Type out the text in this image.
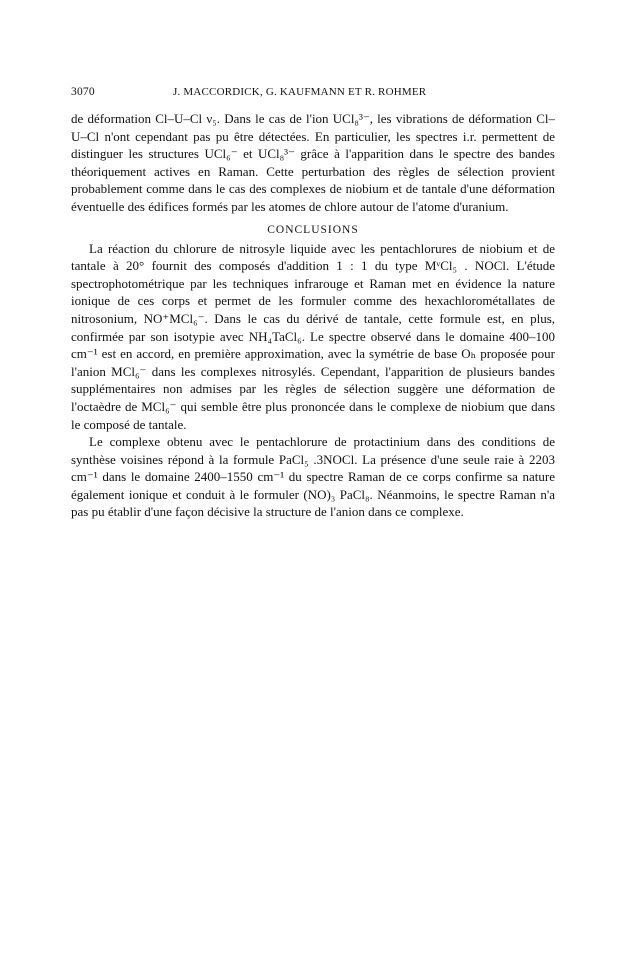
3070	J. MACCORDICK, G. KAUFMANN ET R. ROHMER

de déformation Cl–U–Cl ν₅. Dans le cas de l'ion UCl₈³⁻, les vibrations de déformation Cl–U–Cl n'ont cependant pas pu être détectées. En particulier, les spectres i.r. permettent de distinguer les structures UCl₆⁻ et UCl₈³⁻ grâce à l'apparition dans le spectre des bandes théoriquement actives en Raman. Cette perturbation des règles de sélection provient probablement comme dans le cas des complexes de niobium et de tantale d'une déformation éventuelle des édifices formés par les atomes de chlore autour de l'atome d'uranium.

CONCLUSIONS

La réaction du chlorure de nitrosyle liquide avec les pentachlorures de niobium et de tantale à 20° fournit des composés d'addition 1 : 1 du type MᵛCl₅ . NOCl. L'étude spectrophotométrique par les techniques infrarouge et Raman met en évidence la nature ionique de ces corps et permet de les formuler comme des hexachlorométallates de nitrosonium, NO⁺MCl₆⁻. Dans le cas du dérivé de tantale, cette formule est, en plus, confirmée par son isotypie avec NH₄TaCl₆. Le spectre observé dans le domaine 400–100 cm⁻¹ est en accord, en première approximation, avec la symétrie de base Oₕ proposée pour l'anion MCl₆⁻ dans les complexes nitrosylés. Cependant, l'apparition de plusieurs bandes supplémentaires non admises par les règles de sélection suggère une déformation de l'octaèdre de MCl₆⁻ qui semble être plus prononcée dans le complexe de niobium que dans le composé de tantale.

Le complexe obtenu avec le pentachlorure de protactinium dans des conditions de synthèse voisines répond à la formule PaCl₅ .3NOCl. La présence d'une seule raie à 2203 cm⁻¹ dans le domaine 2400–1550 cm⁻¹ du spectre Raman de ce corps confirme sa nature également ionique et conduit à le formuler (NO)₃ PaCl₈. Néanmoins, le spectre Raman n'a pas pu établir d'une façon décisive la structure de l'anion dans ce complexe.
